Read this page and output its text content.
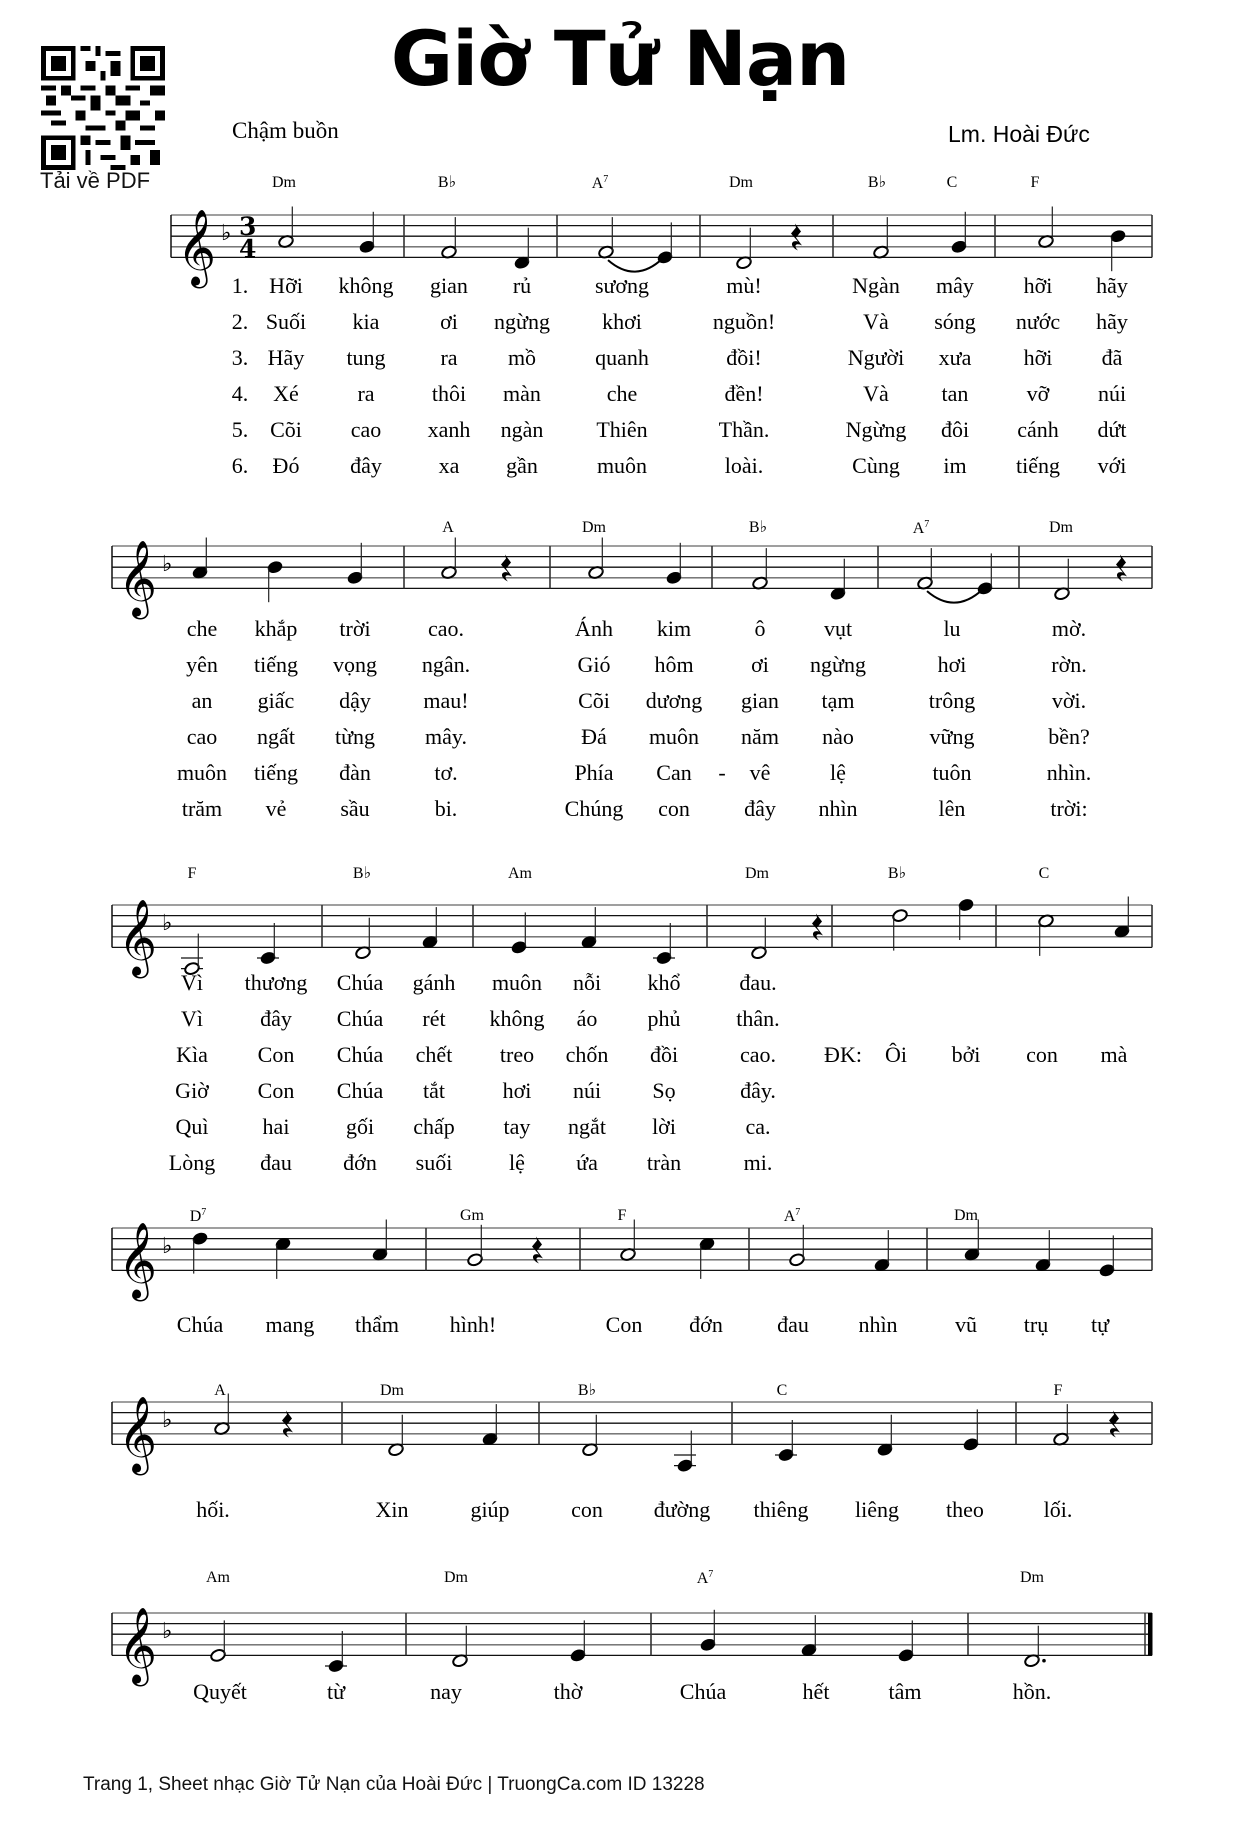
𝄞 ♭ 3
4
𝄞 ♭
𝄞 ♭
𝄞 ♭
𝄞 ♭
𝄞 ♭
Tải về PDF
Giờ Tử Nạn
Chậm buồn	Lm. Hoài Đức
Dm	B♭	$A^7$	Dm	B♭	C	F
1. Hỡi không gian rủ	sương	mù!	Ngàn mây hỡi hãy
2. Suối kia	ơi ngừng khơi	nguồn!	Và sóng nước hãy
3. Hãy tung ra mồ	quanh	đồi!	Người xưa hỡi đã
4. Xé	ra	thôi màn	che	đền!	Và tan	vỡ núi
5. Cõi cao xanh ngàn Thiên	Thần.	Ngừng đôi cánh dứt
6. Đó đây	xa gần	muôn	loài.	Cùng im tiếng với
A	Dm	B♭	$A^7$	Dm
che khắp trời	cao.	Ánh kim	ô	vụt	lu	mờ.
yên tiếng vọng ngân.	Gió hôm	ơi ngừng	hơi	rờn.
an giấc dậy mau!	Cõi dương gian tạm	trông	vời.
cao ngất từng mây.	Đá muôn năm nào	vững	bền?
muôn tiếng đàn	tơ.	Phía Can - vê	lệ	tuôn	nhìn.
trăm vẻ sầu	bi.	Chúng con đây nhìn	lên	trời:
F	B♭	Am	Dm	B♭	C
Vì thương Chúa gánh muôn nỗi khổ	đau.
Vì	đây Chúa rét không áo phủ	thân.
Kìa Con Chúa chết treo chốn đồi	cao. ĐK: Ôi bởi con mà
Giờ Con Chúa tắt	hơi núi Sọ	đây.
Quì hai	gối chấp tay ngắt lời	ca.
Lòng đau đớn suối	lệ ứa tràn	mi.
$D^7$	Gm	F	$A^7$	Dm
Chúa mang thẩm hình!	Con đớn đau nhìn	vũ trụ tự
A	Dm	B♭	C	F
hối.	Xin	giúp	con đường thiêng liêng theo	lối.
Am	Dm	$A^7$	Dm
Quyết	từ	nay	thờ	Chúa	hết	tâm	hồn.
Trang 1, Sheet nhạc Giờ Tử Nạn của Hoài Đức | TruongCa.com ID 13228
